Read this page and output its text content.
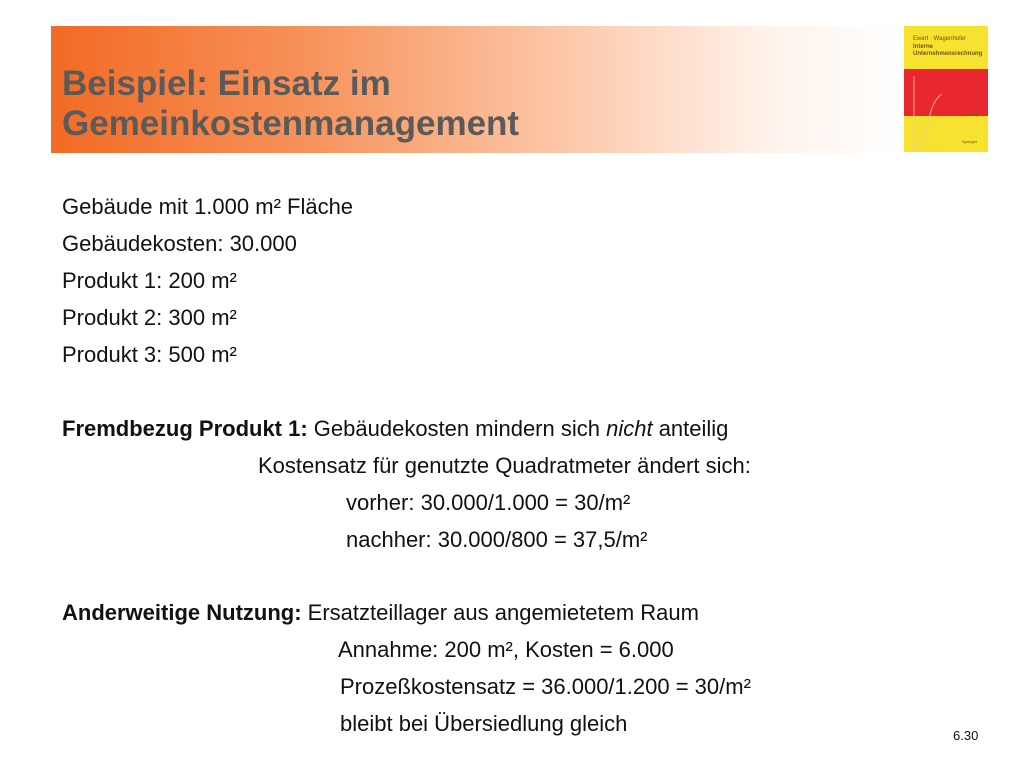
Beispiel: Einsatz im
Gemeinkostenmanagement
Ewert · Wagenhofer
Interne
Unternehmensrechnung
5. Auflage
Springer

Gebäude mit 1.000 m² Fläche

Gebäudekosten: 30.000

Produkt 1: 200 m²

Produkt 2: 300 m²

Produkt 3: 500 m²

Fremdbezug Produkt 1: Gebäudekosten mindern sich nicht anteilig

Kostensatz für genutzte Quadratmeter ändert sich:

vorher: 30.000/1.000 = 30/m²

nachher: 30.000/800 = 37,5/m²

Anderweitige Nutzung: Ersatzteillager aus angemietetem Raum

Annahme: 200 m², Kosten = 6.000

Prozeßkostensatz = 36.000/1.200 = 30/m²

bleibt bei Übersiedlung gleich	6.30
